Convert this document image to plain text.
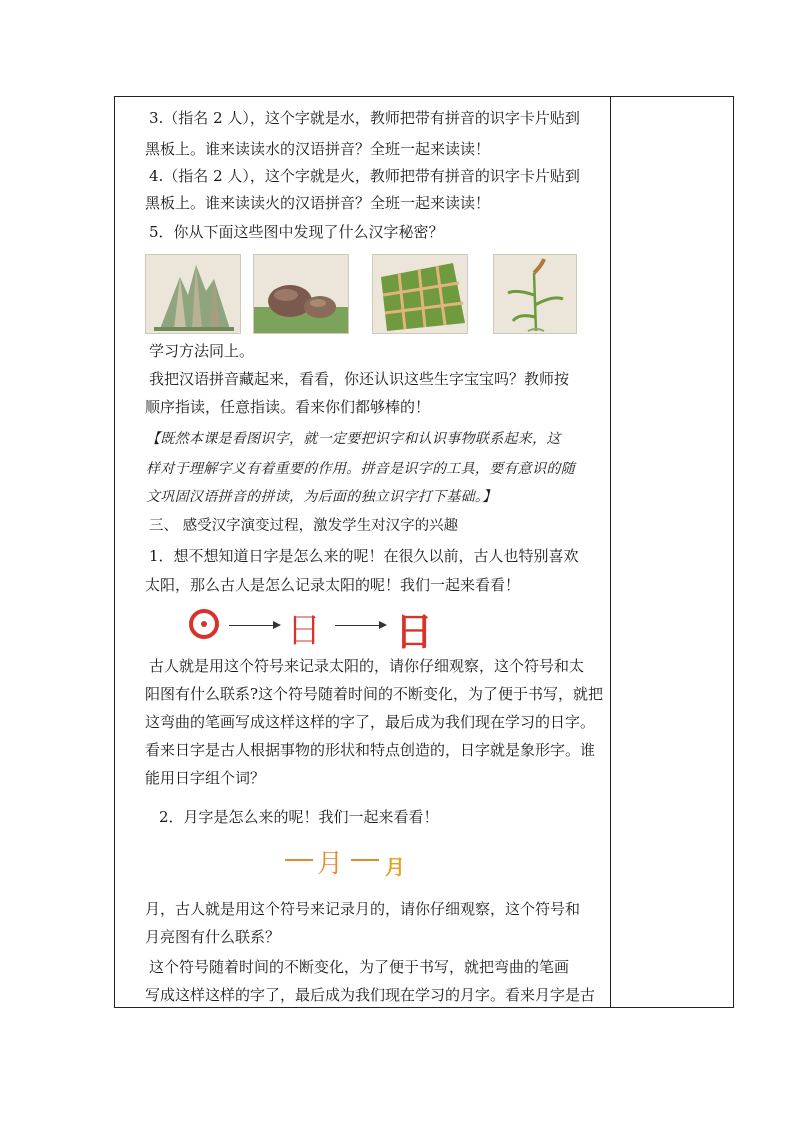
3.（指名 2 人），这个字就是水，教师把带有拼音的识字卡片贴到
黑板上。谁来读读水的汉语拼音？全班一起来读读！
4.（指名 2 人），这个字就是火，教师把带有拼音的识字卡片贴到
黑板上。谁来读读火的汉语拼音？全班一起来读读！
5．你从下面这些图中发现了什么汉字秘密？
学习方法同上。
我把汉语拼音藏起来，看看，你还认识这些生字宝宝吗？教师按
顺序指读，任意指读。看来你们都够棒的！
【既然本课是看图识字，就一定要把识字和认识事物联系起来，这
样对于理解字义有着重要的作用。拼音是识字的工具，要有意识的随
文巩固汉语拼音的拼读，为后面的独立识字打下基础。】
三、 感受汉字演变过程，激发学生对汉字的兴趣
1．想不想知道日字是怎么来的呢！在很久以前，古人也特别喜欢
太阳，那么古人是怎么记录太阳的呢！我们一起来看看！
日 日
古人就是用这个符号来记录太阳的，请你仔细观察，这个符号和太
阳图有什么联系?这个符号随着时间的不断变化，为了便于书写，就把
这弯曲的笔画写成这样这样的字了，最后成为我们现在学习的日字。
看来日字是古人根据事物的形状和特点创造的，日字就是象形字。谁
能用日字组个词？
2．月字是怎么来的呢！我们一起来看看！
月 月
月，古人就是用这个符号来记录月的，请你仔细观察，这个符号和
月亮图有什么联系？
这个符号随着时间的不断变化，为了便于书写，就把弯曲的笔画
写成这样这样的字了，最后成为我们现在学习的月字。看来月字是古
